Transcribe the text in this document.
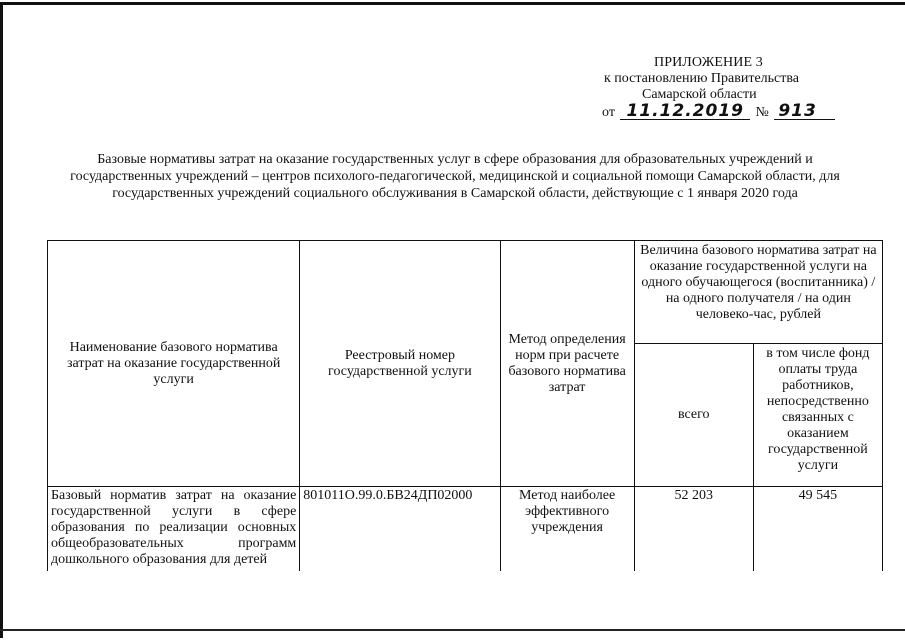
ПРИЛОЖЕНИЕ 3
к постановлению Правительства
Самарской области
от 11.12.2019 № 913
Базовые нормативы затрат на оказание государственных услуг в сфере образования для образовательных учреждений и государственных учреждений – центров психолого-педагогической, медицинской и социальной помощи Самарской области, для государственных учреждений социального обслуживания в Самарской области, действующие с 1 января 2020 года
Наименование базового норматива затрат на оказание государственной услуги	Реестровый номер государственной услуги	Метод определения норм при расчете базового норматива затрат	Величина базового норматива затрат на оказание государственной услуги на одного обучающегося (воспитанника) / на одного получателя / на один человеко-час, рублей	
			всего	в том числе фонд оплаты труда работников, непосредственно связанных с оказанием государственной услуги
Базовый норматив затрат на оказание государственной услуги в сфере образования по реализации основных общеобразовательных программ дошкольного образования для детей	801011О.99.0.БВ24ДП02000	Метод наиболее эффективного учреждения	52 203	49 545
